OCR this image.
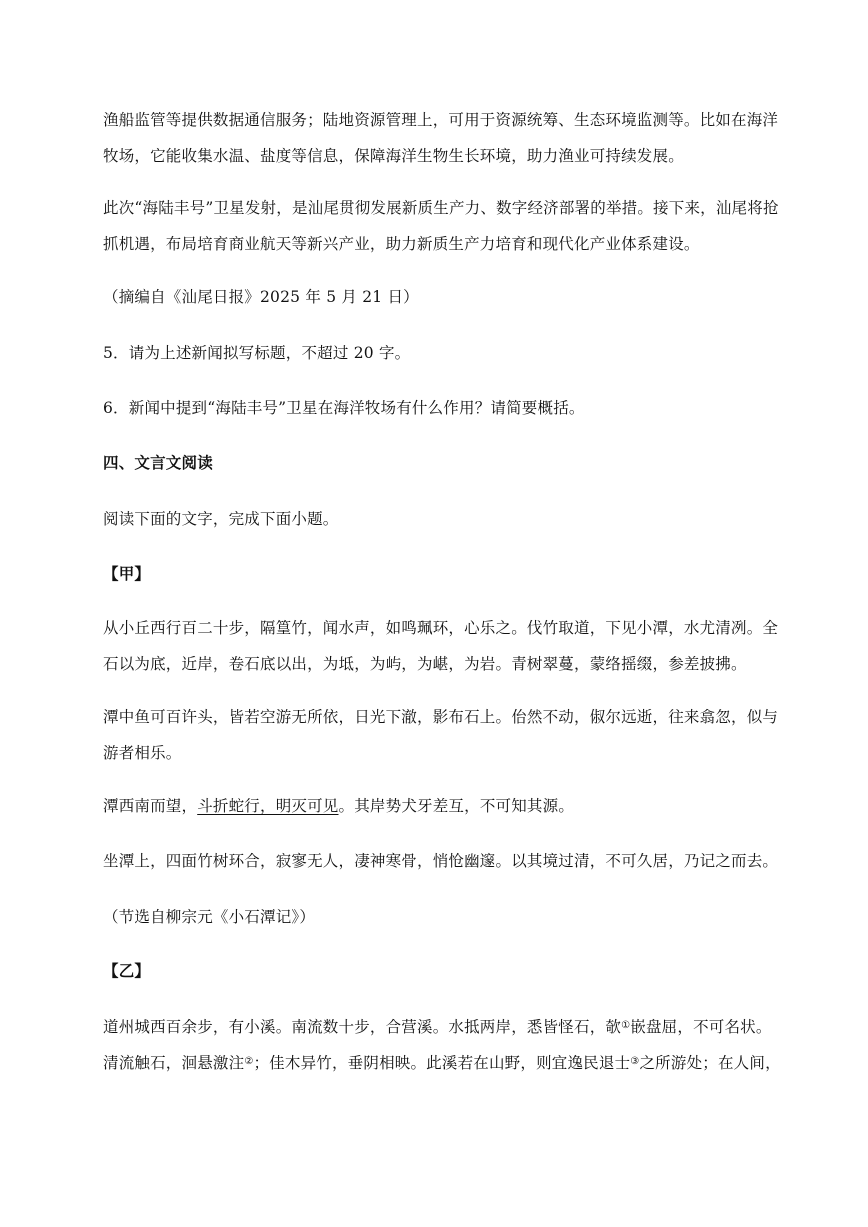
渔船监管等提供数据通信服务；陆地资源管理上，可用于资源统筹、生态环境监测等。比如在海洋
牧场，它能收集水温、盐度等信息，保障海洋生物生长环境，助力渔业可持续发展。
此次“海陆丰号”卫星发射，是汕尾贯彻发展新质生产力、数字经济部署的举措。接下来，汕尾将抢
抓机遇，布局培育商业航天等新兴产业，助力新质生产力培育和现代化产业体系建设。
（摘编自《汕尾日报》2025 年 5 月 21 日）
5．请为上述新闻拟写标题，不超过 20 字。
6．新闻中提到“海陆丰号”卫星在海洋牧场有什么作用？请简要概括。
四、文言文阅读
阅读下面的文字，完成下面小题。
【甲】
从小丘西行百二十步，隔篁竹，闻水声，如鸣珮环，心乐之。伐竹取道，下见小潭，水尤清冽。全
石以为底，近岸，卷石底以出，为坻，为屿，为嵁，为岩。青树翠蔓，蒙络摇缀，参差披拂。
潭中鱼可百许头，皆若空游无所依，日光下澈，影布石上。佁然不动，俶尔远逝，往来翕忽，似与
游者相乐。
潭西南而望，斗折蛇行，明灭可见。其岸势犬牙差互，不可知其源。
坐潭上，四面竹树环合，寂寥无人，凄神寒骨，悄怆幽邃。以其境过清，不可久居，乃记之而去。
（节选自柳宗元《小石潭记》）
【乙】
道州城西百余步，有小溪。南流数十步，合营溪。水抵两岸，悉皆怪石，欹①嵌盘屈，不可名状。
清流触石，洄悬激注②；佳木异竹，垂阴相映。此溪若在山野，则宜逸民退士③之所游处；在人间，
